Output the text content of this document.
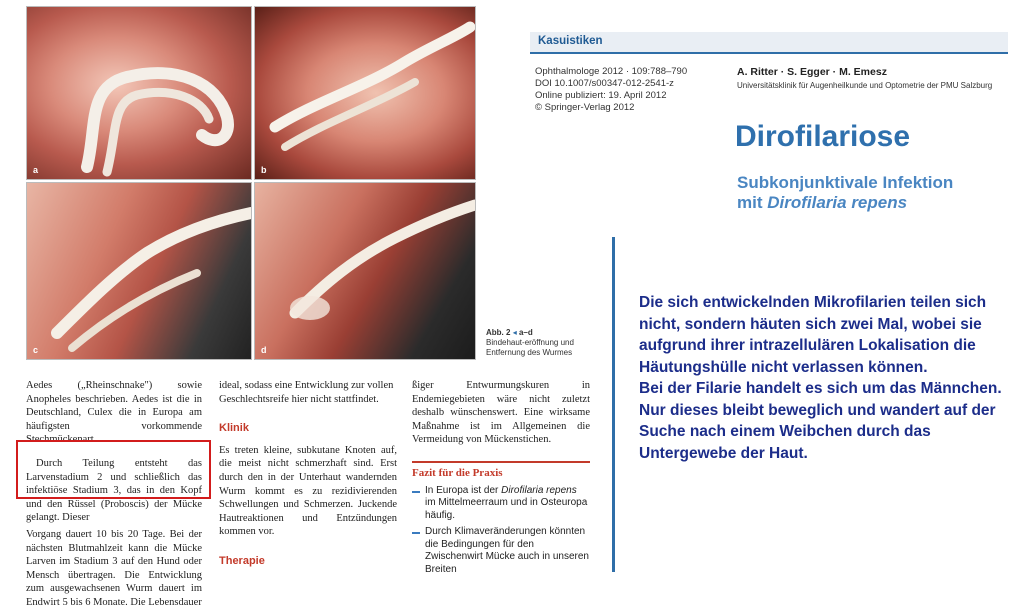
a	b
c	d
Abb. 2 ◂ a–d
Bindehaut-eröffnung und Entfernung des Wurmes

Aedes („Rheinschnake") sowie Anopheles beschrieben. Aedes ist die in Deutschland, Culex die in Europa am häufigsten vorkommende Stechmückenart.

Durch Teilung entsteht das Larvenstadium 2 und schließlich das infektiöse Stadium 3, das in den Kopf und den Rüssel (Proboscis) der Mücke gelangt. Dieser

Vorgang dauert 10 bis 20 Tage. Bei der nächsten Blutmahlzeit kann die Mücke Larven im Stadium 3 auf den Hund oder Mensch übertragen. Die Entwicklung zum ausgewachsenen Wurm dauert im Endwirt 5 bis 6 Monate. Die Lebensdauer

ideal, sodass eine Entwicklung zur vollen Geschlechtsreife hier nicht stattfindet.

Klinik

Es treten kleine, subkutane Knoten auf, die meist nicht schmerzhaft sind. Erst durch den in der Unterhaut wandernden Wurm kommt es zu rezidivierenden Schwellungen und Schmerzen. Juckende Hautreaktionen und Entzündungen kommen vor.

Therapie

ßiger Entwurmungskuren in Endemiegebieten wäre nicht zuletzt deshalb wünschenswert. Eine wirksame Maßnahme ist im Allgemeinen die Vermeidung von Mückenstichen.

Fazit für die Praxis
In Europa ist der Dirofilaria repens im Mittelmeerraum und in Osteuropa häufig.
Durch Klimaveränderungen könnten die Bedingungen für den Zwischenwirt Mücke auch in unseren Breiten
Kasuistiken
Ophthalmologe 2012 · 109:788–790
DOI 10.1007/s00347-012-2541-z
Online publiziert: 19. April 2012
© Springer-Verlag 2012
A. Ritter · S. Egger · M. Emesz
Universitätsklinik für Augenheilkunde und Optometrie der PMU Salzburg
Dirofilariose
Subkonjunktivale Infektion
mit Dirofilaria repens

Die sich entwickelnden Mikrofilarien teilen sich nicht, sondern häuten sich zwei Mal, wobei sie aufgrund ihrer intrazellulären Lokalisation die Häutungshülle nicht verlassen können.

Bei der Filarie handelt es sich um das Männchen. Nur dieses bleibt beweglich und wandert auf der Suche nach einem Weibchen durch das Untergewebe der Haut.
